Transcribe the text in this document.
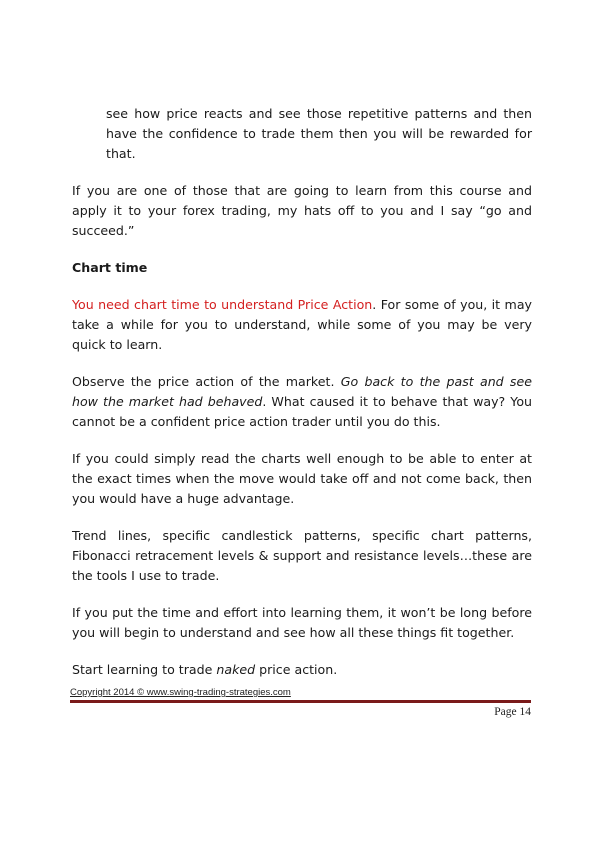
see how price reacts and see those repetitive patterns and then have the confidence to trade them then you will be rewarded for that.

If you are one of those that are going to learn from this course and apply it to your forex trading, my hats off to you and I say “go and succeed.”

Chart time

You need chart time to understand Price Action. For some of you, it may take a while for you to understand, while some of you may be very quick to learn.

Observe the price action of the market. Go back to the past and see how the market had behaved. What caused it to behave that way? You cannot be a confident price action trader until you do this.

If you could simply read the charts well enough to be able to enter at the exact times when the move would take off and not come back, then you would have a huge advantage.

Trend lines, specific candlestick patterns, specific chart patterns, Fibonacci retracement levels & support and resistance levels…these are the tools I use to trade.

If you put the time and effort into learning them, it won’t be long before you will begin to understand and see how all these things fit together.

Start learning to trade naked price action.

Copyright 2014 © www.swing-trading-strategies.com
Page 14
